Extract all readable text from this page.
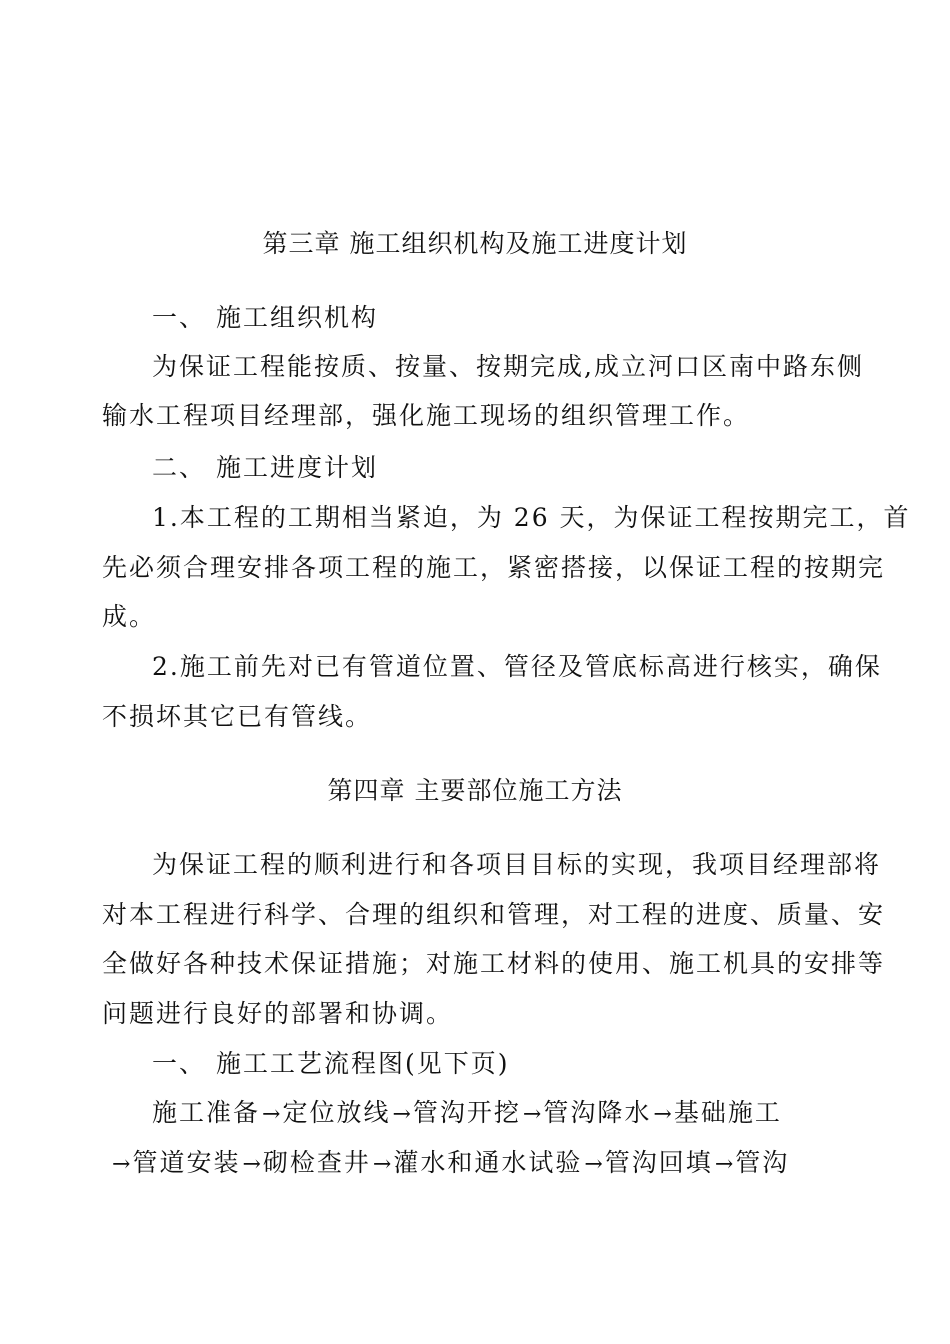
第三章 施工组织机构及施工进度计划
一、 施工组织机构
为保证工程能按质、按量、按期完成,成立河口区南中路东侧
输水工程项目经理部，强化施工现场的组织管理工作。
二、 施工进度计划
1.本工程的工期相当紧迫，为 26 天，为保证工程按期完工，首
先必须合理安排各项工程的施工，紧密搭接，以保证工程的按期完
成。
2.施工前先对已有管道位置、管径及管底标高进行核实，确保
不损坏其它已有管线。
第四章 主要部位施工方法
为保证工程的顺利进行和各项目目标的实现，我项目经理部将
对本工程进行科学、合理的组织和管理，对工程的进度、质量、安
全做好各种技术保证措施；对施工材料的使用、施工机具的安排等
问题进行良好的部署和协调。
一、 施工工艺流程图(见下页)
施工准备→定位放线→管沟开挖→管沟降水→基础施工
→管道安装→砌检查井→灌水和通水试验→管沟回填→管沟
